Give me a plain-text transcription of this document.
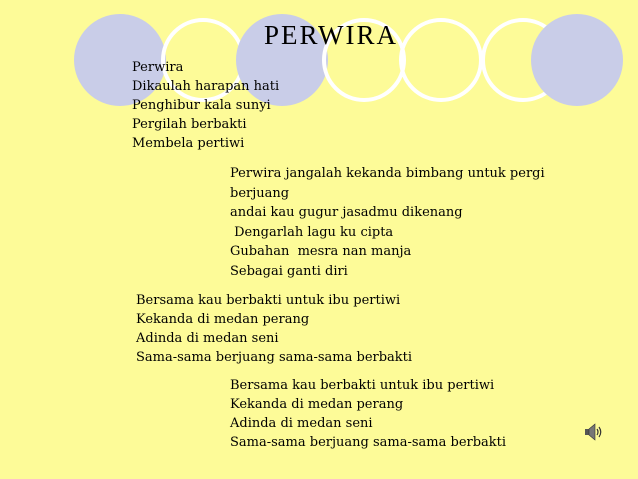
PERWIRA
Perwira
Dikaulah harapan hati
Penghibur kala sunyi
Pergilah berbakti
Membela pertiwi
Perwira jangalah kekanda bimbang untuk pergi
berjuang
andai kau gugur jasadmu dikenang
Dengarlah lagu ku cipta
Gubahan  mesra nan manja
Sebagai ganti diri
Bersama kau berbakti untuk ibu pertiwi
Kekanda di medan perang
Adinda di medan seni
Sama-sama berjuang sama-sama berbakti
Bersama kau berbakti untuk ibu pertiwi
Kekanda di medan perang
Adinda di medan seni
Sama-sama berjuang sama-sama berbakti
